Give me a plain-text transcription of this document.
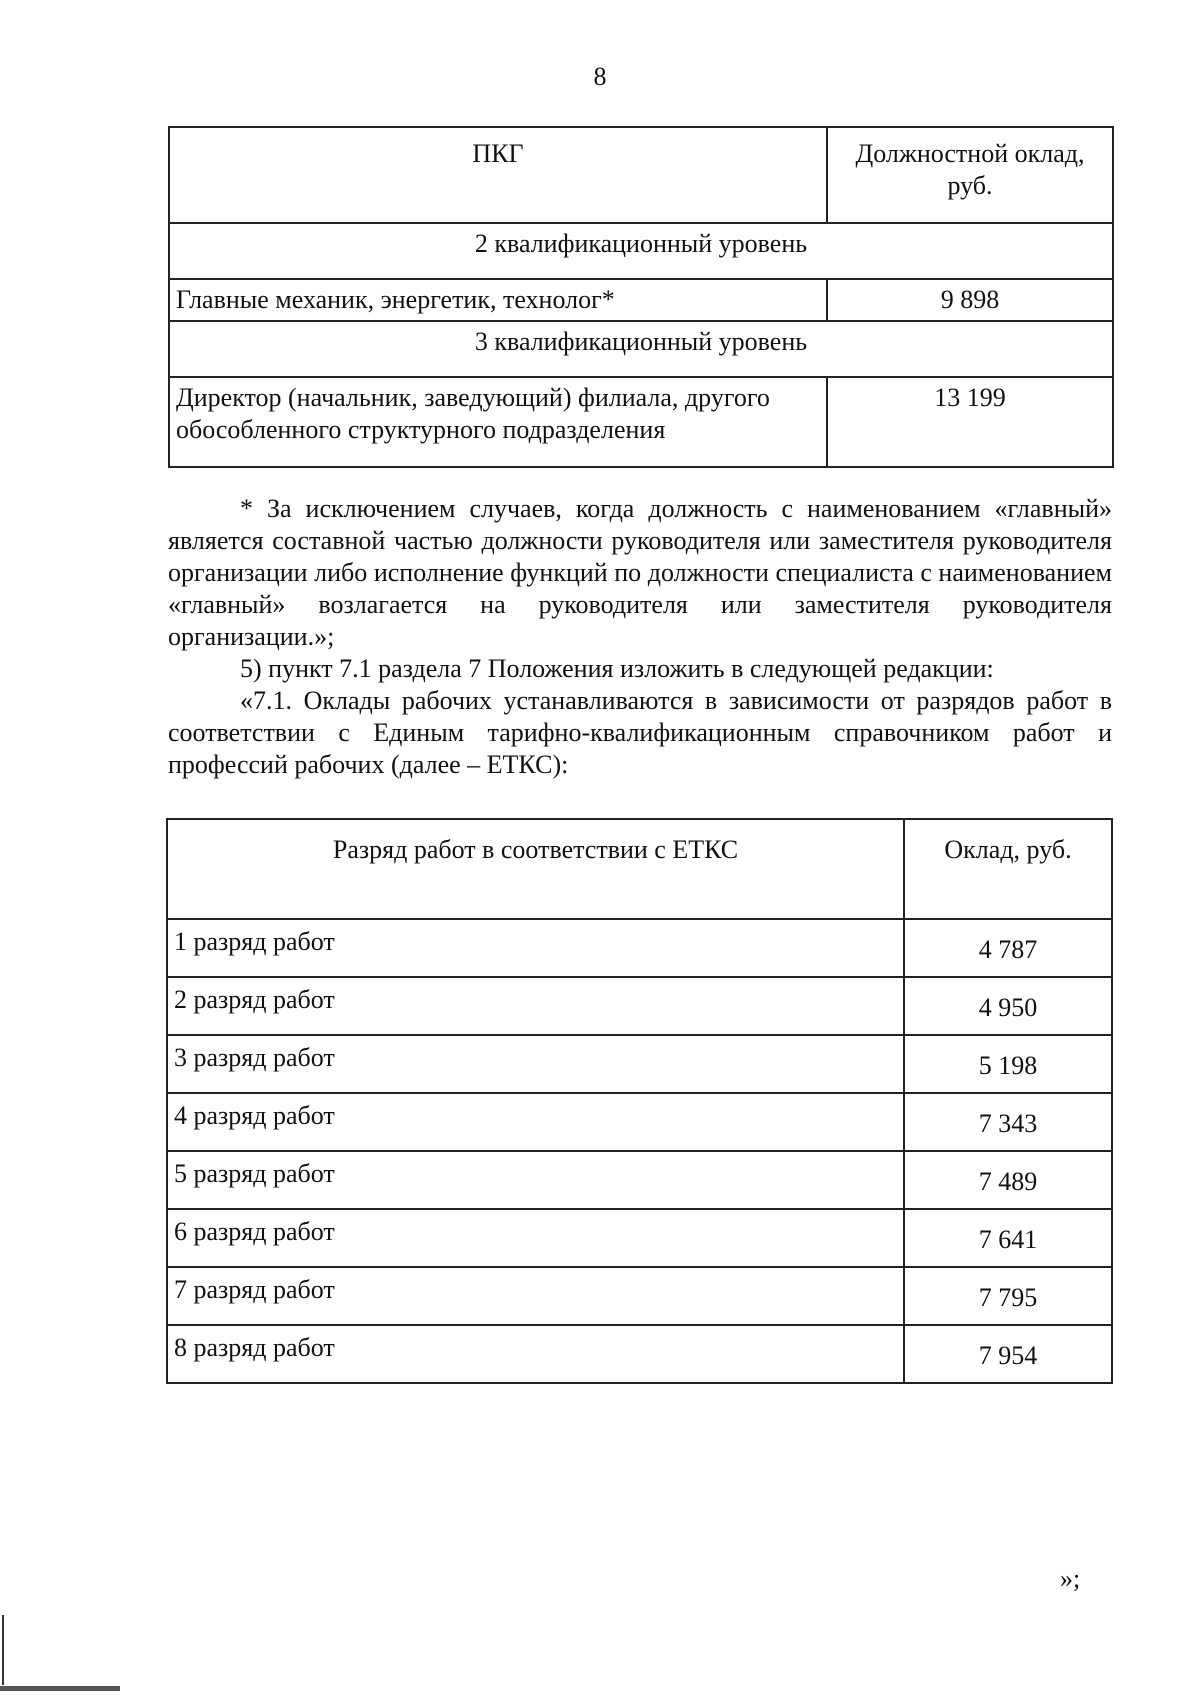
8
ПКГ	Должностной оклад, руб.
2 квалификационный уровень	
Главные механик, энергетик, технолог*	9 898
3 квалификационный уровень	
Директор (начальник, заведующий) филиала, другого обособленного структурного подразделения	13 199

* За исключением случаев, когда должность с наименованием «главный» является составной частью должности руководителя или заместителя руководителя организации либо исполнение функций по должности специалиста с наименованием «главный» возлагается на руководителя или заместителя руководителя организации.»;

5) пункт 7.1 раздела 7 Положения изложить в следующей редакции:

«7.1. Оклады рабочих устанавливаются в зависимости от разрядов работ в соответствии с Единым тарифно-квалификационным справочником работ и профессий рабочих (далее – ЕТКС):

Разряд работ в соответствии с ЕТКС	Оклад, руб.
1 разряд работ	4 787
2 разряд работ	4 950
3 разряд работ	5 198
4 разряд работ	7 343
5 разряд работ	7 489
6 разряд работ	7 641
7 разряд работ	7 795
8 разряд работ	7 954
»;
